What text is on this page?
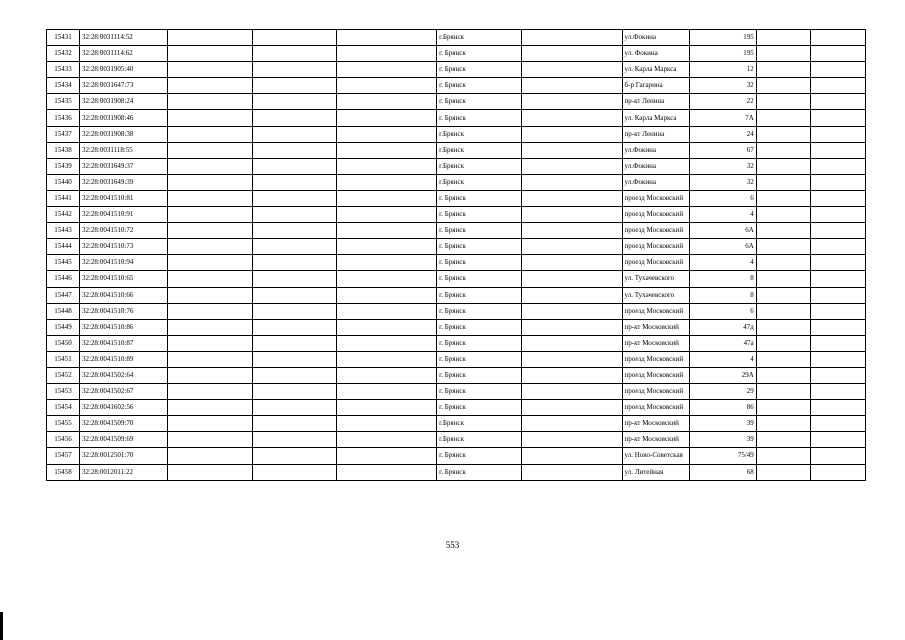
15431	32:28:0031114:52				г.Брянск		ул.Фокина	195		
15432	32:28:0031114:62				г. Брянск		ул. Фокина	195		
15433	32:28:0031905:40				г. Брянск		ул. Карла Маркса	12		
15434	32:28:0031647:73				г. Брянск		б-р Гагарина	32		
15435	32:28:0031908:24				г. Брянск		пр-кт Ленина	22		
15436	32:28:0031908:46				г. Брянск		ул. Карла Маркса	7А		
15437	32:28:0031908:38				г.Брянск		пр-кт Ленина	24		
15438	32:28:0031118:55				г.Брянск		ул.Фокина	67		
15439	32:28:0031649:37				г.Брянск		ул.Фокина	32		
15440	32:28:0031649:39				г.Брянск		ул.Фокина	32		
15441	32:28:0041510:81				г. Брянск		проезд Московский	6		
15442	32:28:0041510:91				г. Брянск		проезд Московский	4		
15443	32:28:0041510:72				г. Брянск		проезд Московский	6А		
15444	32:28:0041510:73				г. Брянск		проезд Московский	6А		
15445	32:28:0041510:94				г. Брянск		проезд Московский	4		
15446	32:28:0041510:65				г. Брянск		ул. Тухачевского	8		
15447	32:28:0041510:66				г. Брянск		ул. Тухачевского	8		
15448	32:28:0041510:76				г. Брянск		проезд Московский	6		
15449	32:28:0041510:86				г. Брянск		пр-кт Московский	47д		
15450	32:28:0041510:87				г. Брянск		пр-кт Московский	47а		
15451	32:28:0041510:89				г. Брянск		проезд Московский	4		
15452	32:28:0041502:64				г. Брянск		проезд Московский	29А		
15453	32:28:0041502:67				г. Брянск		проезд Московский	29		
15454	32:28:0041602:56				г. Брянск		проезд Московский	86		
15455	32:28:0041509:70				г.Брянск		пр-кт Московский	39		
15456	32:28:0041509:69				г.Брянск		пр-кт Московский	39		
15457	32:28:0012501:70				г. Брянск		ул. Ново-Советская	75/49		
15458	32:28:0012011:22				г. Брянск		ул. Литейная	68		
553
